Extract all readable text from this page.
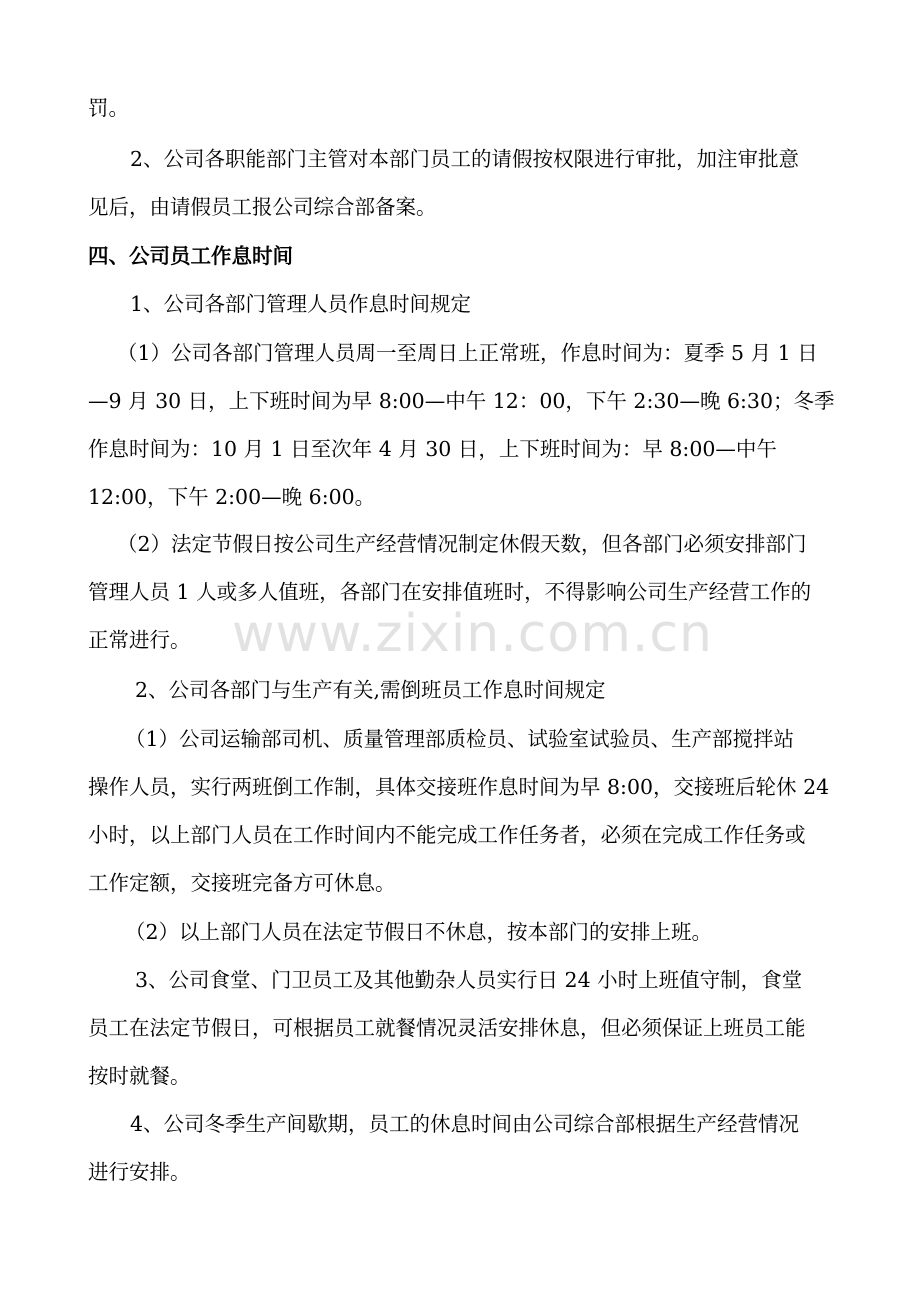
www.zixin.com.cn
罚。
2、公司各职能部门主管对本部门员工的请假按权限进行审批，加注审批意
见后，由请假员工报公司综合部备案。
四、公司员工作息时间
1、公司各部门管理人员作息时间规定
（1）公司各部门管理人员周一至周日上正常班，作息时间为：夏季 5 月 1 日
—9 月 30 日，上下班时间为早 8:00—中午 12：00，下午 2:30—晚 6:30；冬季
作息时间为：10 月 1 日至次年 4 月 30 日，上下班时间为：早 8:00—中午
12:00，下午 2:00—晚 6:00。
（2）法定节假日按公司生产经营情况制定休假天数，但各部门必须安排部门
管理人员 1 人或多人值班，各部门在安排值班时，不得影响公司生产经营工作的
正常进行。
2、公司各部门与生产有关,需倒班员工作息时间规定
（1）公司运输部司机、质量管理部质检员、试验室试验员、生产部搅拌站
操作人员，实行两班倒工作制，具体交接班作息时间为早 8:00，交接班后轮休 24
小时，以上部门人员在工作时间内不能完成工作任务者，必须在完成工作任务或
工作定额，交接班完备方可休息。
（2）以上部门人员在法定节假日不休息，按本部门的安排上班。
3、公司食堂、门卫员工及其他勤杂人员实行日 24 小时上班值守制，食堂
员工在法定节假日，可根据员工就餐情况灵活安排休息，但必须保证上班员工能
按时就餐。
4、公司冬季生产间歇期，员工的休息时间由公司综合部根据生产经营情况
进行安排。
